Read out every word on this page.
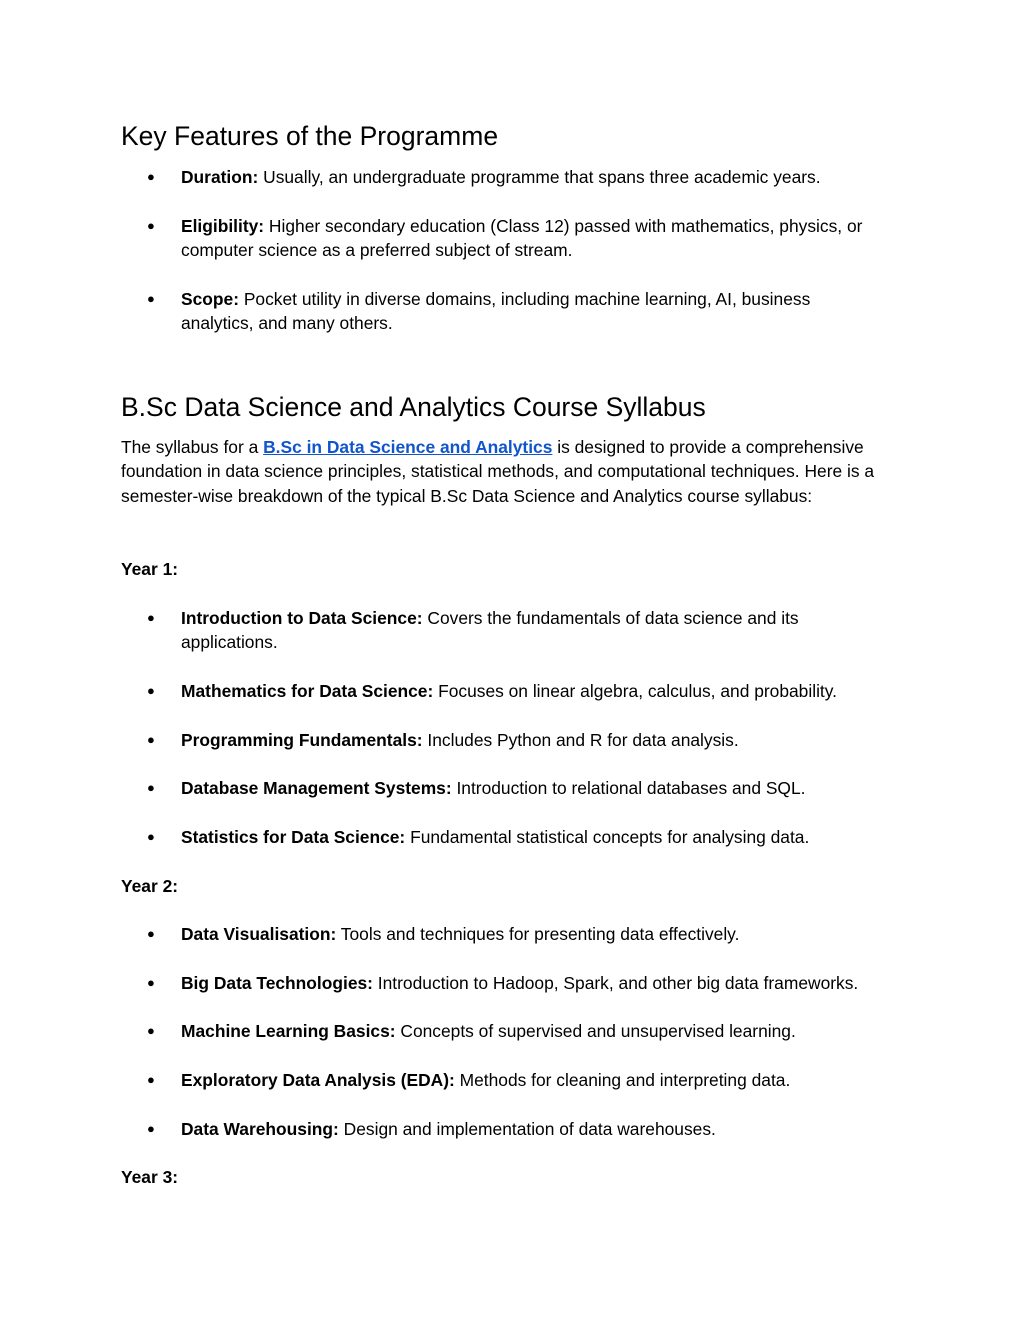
Key Features of the Programme
●	Duration: Usually, an undergraduate programme that spans three academic years.

●	Eligibility: Higher secondary education (Class 12) passed with mathematics, physics, or computer science as a preferred subject of stream.

●	Scope: Pocket utility in diverse domains, including machine learning, AI, business analytics, and many others.

B.Sc Data Science and Analytics Course Syllabus

The syllabus for a B.Sc in Data Science and Analytics is designed to provide a comprehensive foundation in data science principles, statistical methods, and computational techniques. Here is a semester-wise breakdown of the typical B.Sc Data Science and Analytics course syllabus:

Year 1:

●	Introduction to Data Science: Covers the fundamentals of data science and its applications.

●	Mathematics for Data Science: Focuses on linear algebra, calculus, and probability.

●	Programming Fundamentals: Includes Python and R for data analysis.

●	Database Management Systems: Introduction to relational databases and SQL.

●	Statistics for Data Science: Fundamental statistical concepts for analysing data.

Year 2:

●	Data Visualisation: Tools and techniques for presenting data effectively.

●	Big Data Technologies: Introduction to Hadoop, Spark, and other big data frameworks.

●	Machine Learning Basics: Concepts of supervised and unsupervised learning.

●	Exploratory Data Analysis (EDA): Methods for cleaning and interpreting data.

●	Data Warehousing: Design and implementation of data warehouses.

Year 3:
